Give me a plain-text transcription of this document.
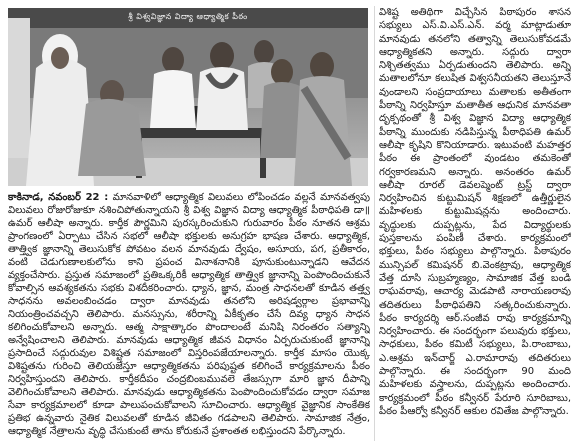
శ్రీ విశ్వవిజ్ఞాన విద్యా ఆధ్యాత్మిక పీఠం

కాకినాడ, నవంబర్ 22 : మానవాళిలో ఆధ్యాత్మిక విలువలు లోపించడం వల్లనే మానవత్వపు విలువలు రోజురోజుకూ నశించిపోతున్నాయని శ్రీ విశ్వ విజ్ఞాన విద్యా ఆధ్యాత్మిక పీఠాధిపతి డా॥ ఉమర్ ఆలీషా అన్నారు. కార్తీక పౌర్ణమిని పురస్కరించుకుని గురువారం పీఠం నూతన ఆశ్రమ ప్రాంగణంలో ఏర్పాటు చేసిన సభలో ఆలీషా భక్తులకు అనుగ్రహ భాషణ చేశారు. ఆధ్యాత్మిక, తాత్త్విక జ్ఞానాన్ని తెలుసుకోక పోవటం వలన మానవుడు ద్వేషం, అసూయ, పగ, ప్రతీకారం, వంటి చెడుగుణాలకులోను కాని ప్రపంచ వినాశనానికి పూనుకుంటున్నాడని ఆవేదన వ్యక్తంచేసారు. ప్రస్తుత సమాజంలో ప్రతిఒక్కరికీ ఆధ్యాత్మిక తాత్త్విక జ్ఞానాన్ని పెంపొందించుకునే కోవాల్సిన ఆవశ్యకతను సభకు విశదీకరించారు. ధ్యాన, జ్ఞాన, మంత్ర సాధనలతో కూడిన తత్త్వ సాధనను అవలంబించడం ద్వారా మానవుడు తనలోని అరిషడ్వర్గాల ప్రభావాన్ని నియంత్రించవచ్చని తెలిపారు. మనస్సును, శరీరాన్ని ఏకీకృతం చేసే దివ్య ధ్యాన సాధన కలిగించుకోవాలని అన్నారు. ఆత్మ సాక్షాత్కారం పొందాలంటే మనిషి నిరంతరం సత్యాన్ని అన్వేషించాలని తెలిపారు. మానవుడు ఆధ్యాత్మిక జీవన విధానం ఏర్పరుచుకుంటే జ్ఞానాన్ని ప్రసాదించే సద్గురువుల విశిష్టత సమాజంలో విస్తరింపజేయాలన్నారు. కార్తీక మాసం యొక్క విశిష్టతను గురించి తెలియజేస్తూ ఆధ్యాత్మికతను పరిపుష్టత కలిగించే కార్యక్రమాలను పీఠం నిర్వహిస్తుందని తెలిపారు. కార్తీకదీపం చంద్రబింబమువలె తేజస్సుగా మారి జ్ఞాన దీపాన్ని వెలిగించుకోవాలని తెలిపారు. మానవుడు ఆధ్యాత్మికతను పెంపొందించుకోవడం ద్వారా సమాజ సేవా కార్యక్రమాలలో కూడా పాలుపంచుకోవాలని సూచించారు. ఆధ్యాత్మిక వైజ్ఞానిక సాంకేతిక ప్రతిభ ఉన్నవారు నైతిక విలువలతో కూడిన జీవితం గడపాలని తెలిపారు. సామాజిక నేత్రం, ఆధ్యాత్మిక నేత్రాలను వృద్ధి చేసుకుంటే తాను కోరుకునే ప్రశాంతత లభిస్తుందని పేర్కొన్నారు.

విశిష్ట అతిథిగా విచ్చేసిన పిఠాపురం శాసన సభ్యులు ఎస్.వి.ఎస్.ఎన్. వర్మ మాట్లాడుతూ మానవుడు తనలోని తత్వాన్ని తెలుసుకోవడమే ఆధ్యాత్మికతని అన్నారు. సద్గురు ద్వారా నిశ్చితత్వము ఏర్పడుతుందని తెలిపారు. అన్ని మతాలలోనూ కలుషిత విశ్వసనీయతని తెలుస్తూనే వుండాలని సంప్రదాయాలు మతాలకు అతీతంగా పీఠాన్ని నిర్వహిస్తూ మతాతీత ఆధునిక మానవతా దృక్పథంతో శ్రీ విశ్వ విజ్ఞాన విద్యా ఆధ్యాత్మిక పీఠాన్ని ముందుకు నడిపిస్తున్న పీఠాధిపతి ఉమర్ ఆలీషా కృషిని కొనియాడారు. ఇటువంటి మహత్తర పీఠం ఈ ప్రాంతంలో వుండటం తమకెంతో గర్వకారణమని అన్నారు. అనంతరం ఉమర్ ఆలీషా రూరల్ డెవలప్మెంట్ ట్రస్ట్ ద్వారా నిర్వహించిన కుట్టుమిషన్ శిక్షణలో ఉత్తీర్ణులైన మహిళలకు కుట్టుమిషన్లను అందించారు. వృద్ధులకు దుప్పట్లను, పేద విద్యార్థులకు పుస్తకాలను పంపిణీ చేశారు. కార్యక్రమంలో భక్తులు, పీఠం సభ్యులు పాల్గొన్నారు. పిఠాపురం మున్సిపల్ కమిషనర్ బి.వెంకట్రావు, ఆధ్యాత్మిక వేత్త దూసి సుబ్రహ్మణ్యం, సామాజిక వేత్త బండి రాఘవరావు, ఆచార్య మెడపాటి నారాయణరావు తదితరులు పీఠాధిపతిని సత్కరించుకున్నారు. పీఠం కార్యదర్శి ఆర్.సంజీవ రావు కార్యక్రమాన్ని నిర్వహించారు. ఈ సందర్భంగా పలువురు భక్తులు, సాధకులు, పీఠం కమిటీ సభ్యులు, పి.రాంబాబు, ఎ.ఆశ్రమ ఇన్‌చార్జ్ ఎ.రామారావు తదితరులు పాల్గొన్నారు. ఈ సందర్భంగా 90 మంది మహిళలకు వస్త్రాలను, దుప్పట్లను అందించారు. కార్యక్రమంలో పీఠం కన్వీనర్ పేరూరి సూరిబాబు, పీఠం పీఆర్వో కన్వీనర్ ఆకుల రవితేజ పాల్గొన్నారు.
